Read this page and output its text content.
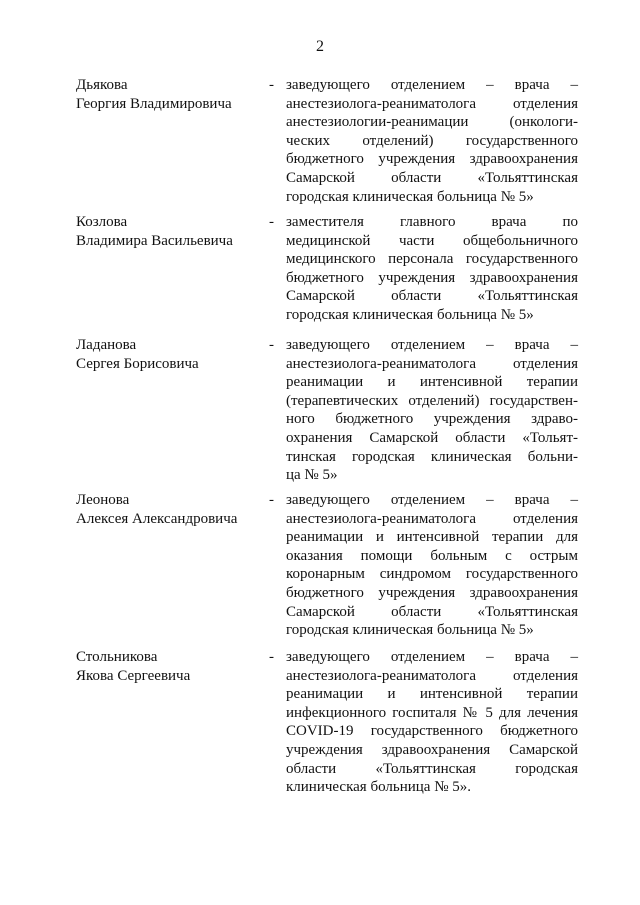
2
Дьякова
Георгия Владимировича
- заведующего отделением – врача –
анестезиолога-реаниматолога отделения
анестезиологии-реанимации (онкологи-
ческих отделений) государственного
бюджетного учреждения здравоохранения
Самарской области «Тольяттинская
городская клиническая больница № 5»
Козлова
Владимира Васильевича
- заместителя главного врача по
медицинской части общебольничного
медицинского персонала государственного
бюджетного учреждения здравоохранения
Самарской области «Тольяттинская
городская клиническая больница № 5»
Ладанова
Сергея Борисовича
- заведующего отделением – врача –
анестезиолога-реаниматолога отделения
реанимации и интенсивной терапии
(терапевтических отделений) государствен-
ного бюджетного учреждения здраво-
охранения Самарской области «Тольят-
тинская городская клиническая больни-
ца № 5»
Леонова
Алексея Александровича
- заведующего отделением – врача –
анестезиолога-реаниматолога отделения
реанимации и интенсивной терапии для
оказания помощи больным с острым
коронарным синдромом государственного
бюджетного учреждения здравоохранения
Самарской области «Тольяттинская
городская клиническая больница № 5»
Стольникова
Якова Сергеевича
- заведующего отделением – врача –
анестезиолога-реаниматолога отделения
реанимации и интенсивной терапии
инфекционного госпиталя № 5 для лечения
COVID-19 государственного бюджетного
учреждения здравоохранения Самарской
области «Тольяттинская городская
клиническая больница № 5».
